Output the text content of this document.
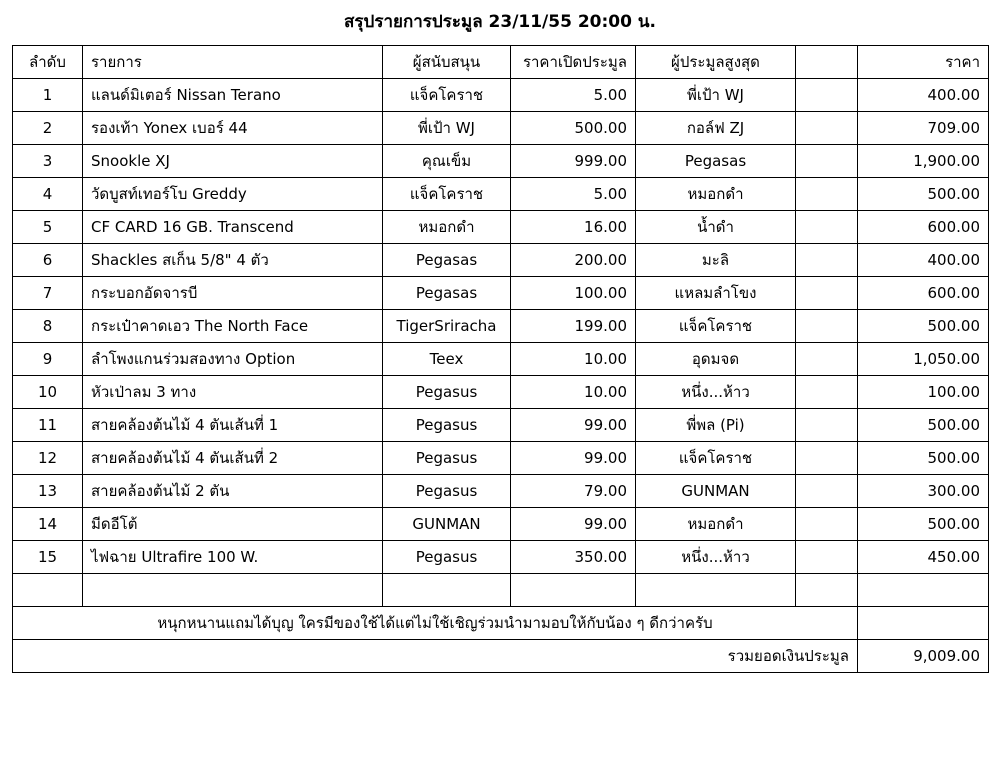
สรุปรายการประมูล 23/11/55 20:00 น.
ลำดับ	รายการ	ผู้สนับสนุน	ราคาเปิดประมูล	ผู้ประมูลสูงสุด		ราคา
1	แลนด์มิเตอร์ Nissan Terano	แจ็คโคราช	5.00	พี่เป้า WJ		400.00
2	รองเท้า Yonex เบอร์ 44	พี่เป้า WJ	500.00	กอล์ฟ ZJ		709.00
3	Snookle XJ	คุณเข็ม	999.00	Pegasas		1,900.00
4	วัดบูสท์เทอร์โบ Greddy	แจ็คโคราช	5.00	หมอกดำ		500.00
5	CF CARD 16 GB. Transcend	หมอกดำ	16.00	น้ำดำ		600.00
6	Shackles สเก็น 5/8" 4 ตัว	Pegasas	200.00	มะลิ		400.00
7	กระบอกอัดจารบี	Pegasas	100.00	แหลมลำโขง		600.00
8	กระเป๋าคาดเอว The North Face	TigerSriracha	199.00	แจ็คโคราช		500.00
9	ลำโพงแกนร่วมสองทาง Option	Teex	10.00	อุดมจด		1,050.00
10	หัวเป่าลม 3 ทาง	Pegasus	10.00	หนึ่ง...ห้าว		100.00
11	สายคล้องต้นไม้ 4 ตันเส้นที่ 1	Pegasus	99.00	พี่พล (Pi)		500.00
12	สายคล้องต้นไม้ 4 ตันเส้นที่ 2	Pegasus	99.00	แจ็คโคราช		500.00
13	สายคล้องต้นไม้ 2 ตัน	Pegasus	79.00	GUNMAN		300.00
14	มีดอีโต้	GUNMAN	99.00	หมอกดำ		500.00
15	ไฟฉาย Ultrafire 100 W.	Pegasus	350.00	หนึ่ง...ห้าว		450.00

หนุกหนานแถมได้บุญ ใครมีของใช้ได้แต่ไม่ใช้เชิญร่วมนำมามอบให้กับน้อง ๆ ดีกว่าครับ						
รวมยอดเงินประมูล						9,009.00
